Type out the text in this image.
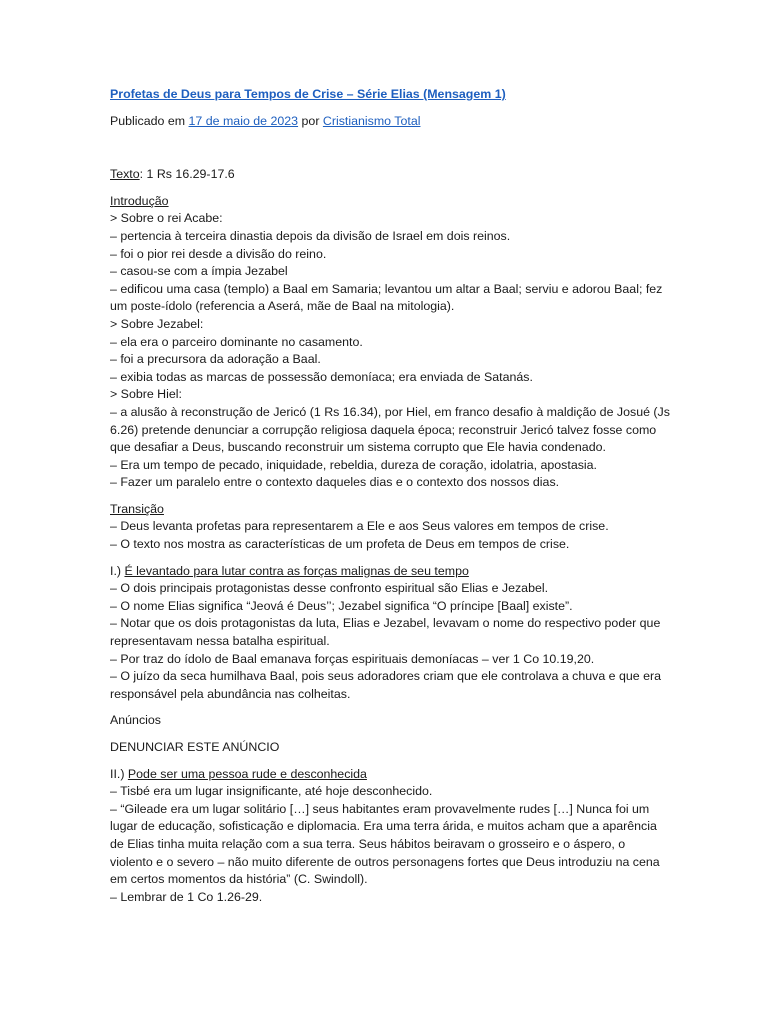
Profetas de Deus para Tempos de Crise – Série Elias (Mensagem 1)

Publicado em 17 de maio de 2023 por Cristianismo Total

Texto: 1 Rs 16.29-17.6

Introdução
> Sobre o rei Acabe:
– pertencia à terceira dinastia depois da divisão de Israel em dois reinos.
– foi o pior rei desde a divisão do reino.
– casou-se com a ímpia Jezabel
– edificou uma casa (templo) a Baal em Samaria; levantou um altar a Baal; serviu e adorou Baal; fez um poste-ídolo (referencia a Aserá, mãe de Baal na mitologia).
> Sobre Jezabel:
– ela era o parceiro dominante no casamento.
– foi a precursora da adoração a Baal.
– exibia todas as marcas de possessão demoníaca; era enviada de Satanás.
> Sobre Hiel:
– a alusão à reconstrução de Jericó (1 Rs 16.34), por Hiel, em franco desafio à maldição de Josué (Js 6.26) pretende denunciar a corrupção religiosa daquela época; reconstruir Jericó talvez fosse como que desafiar a Deus, buscando reconstruir um sistema corrupto que Ele havia condenado.
– Era um tempo de pecado, iniquidade, rebeldia, dureza de coração, idolatria, apostasia.
– Fazer um paralelo entre o contexto daqueles dias e o contexto dos nossos dias.
Transição
– Deus levanta profetas para representarem a Ele e aos Seus valores em tempos de crise.
– O texto nos mostra as características de um profeta de Deus em tempos de crise.
I.) É levantado para lutar contra as forças malignas de seu tempo
– O dois principais protagonistas desse confronto espiritual são Elias e Jezabel.
– O nome Elias significa “Jeová é Deus’’; Jezabel significa “O príncipe [Baal] existe”.
– Notar que os dois protagonistas da luta, Elias e Jezabel, levavam o nome do respectivo poder que representavam nessa batalha espiritual.
– Por traz do ídolo de Baal emanava forças espirituais demoníacas – ver 1 Co 10.19,20.
– O juízo da seca humilhava Baal, pois seus adoradores criam que ele controlava a chuva e que era responsável pela abundância nas colheitas.

Anúncios

DENUNCIAR ESTE ANÚNCIO

II.) Pode ser uma pessoa rude e desconhecida
– Tisbé era um lugar insignificante, até hoje desconhecido.
– “Gileade era um lugar solitário […] seus habitantes eram provavelmente rudes […] Nunca foi um lugar de educação, sofisticação e diplomacia. Era uma terra árida, e muitos acham que a aparência de Elias tinha muita relação com a sua terra. Seus hábitos beiravam o grosseiro e o áspero, o violento e o severo – não muito diferente de outros personagens fortes que Deus introduziu na cena em certos momentos da história” (C. Swindoll).
– Lembrar de 1 Co 1.26-29.
